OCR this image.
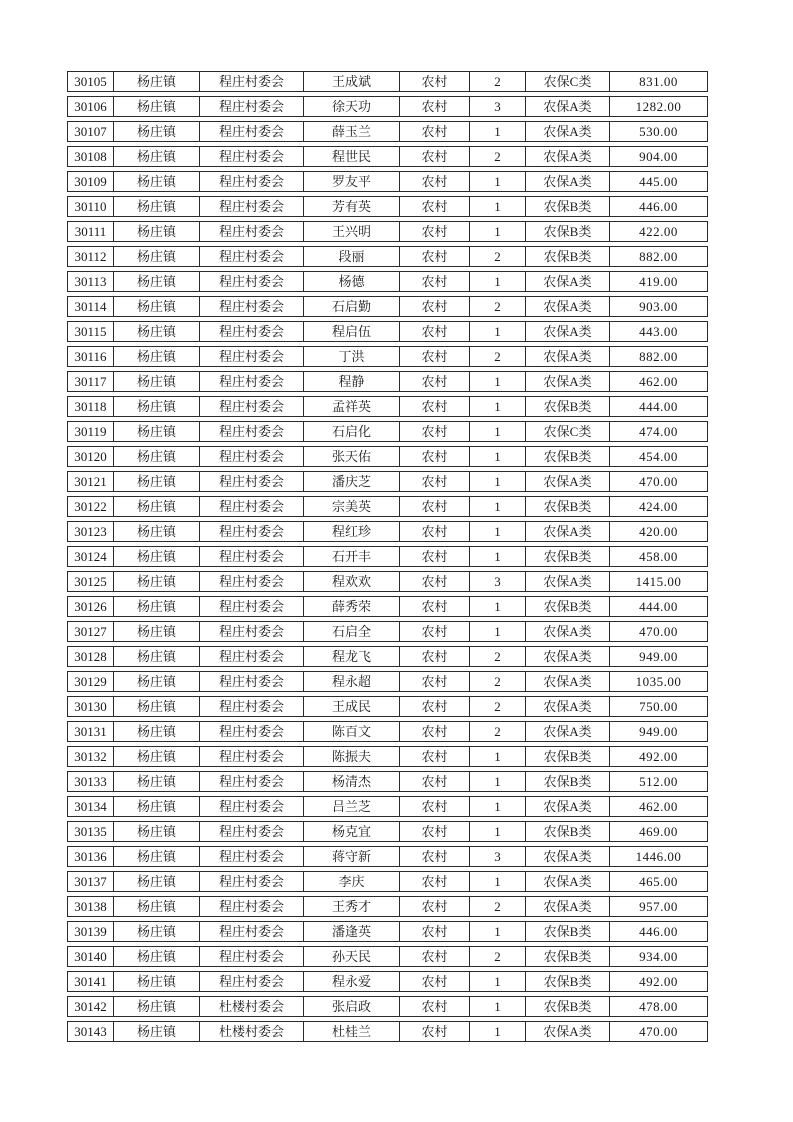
30105	杨庄镇	程庄村委会	王成斌	农村	2	农保C类	831.00
30106	杨庄镇	程庄村委会	徐天功	农村	3	农保A类	1282.00
30107	杨庄镇	程庄村委会	薛玉兰	农村	1	农保A类	530.00
30108	杨庄镇	程庄村委会	程世民	农村	2	农保A类	904.00
30109	杨庄镇	程庄村委会	罗友平	农村	1	农保A类	445.00
30110	杨庄镇	程庄村委会	芳有英	农村	1	农保B类	446.00
30111	杨庄镇	程庄村委会	王兴明	农村	1	农保B类	422.00
30112	杨庄镇	程庄村委会	段丽	农村	2	农保B类	882.00
30113	杨庄镇	程庄村委会	杨德	农村	1	农保A类	419.00
30114	杨庄镇	程庄村委会	石启勤	农村	2	农保A类	903.00
30115	杨庄镇	程庄村委会	程启伍	农村	1	农保A类	443.00
30116	杨庄镇	程庄村委会	丁洪	农村	2	农保A类	882.00
30117	杨庄镇	程庄村委会	程静	农村	1	农保A类	462.00
30118	杨庄镇	程庄村委会	孟祥英	农村	1	农保B类	444.00
30119	杨庄镇	程庄村委会	石启化	农村	1	农保C类	474.00
30120	杨庄镇	程庄村委会	张天佑	农村	1	农保B类	454.00
30121	杨庄镇	程庄村委会	潘庆芝	农村	1	农保A类	470.00
30122	杨庄镇	程庄村委会	宗美英	农村	1	农保B类	424.00
30123	杨庄镇	程庄村委会	程红珍	农村	1	农保A类	420.00
30124	杨庄镇	程庄村委会	石开丰	农村	1	农保B类	458.00
30125	杨庄镇	程庄村委会	程欢欢	农村	3	农保A类	1415.00
30126	杨庄镇	程庄村委会	薛秀荣	农村	1	农保B类	444.00
30127	杨庄镇	程庄村委会	石启全	农村	1	农保A类	470.00
30128	杨庄镇	程庄村委会	程龙飞	农村	2	农保A类	949.00
30129	杨庄镇	程庄村委会	程永超	农村	2	农保A类	1035.00
30130	杨庄镇	程庄村委会	王成民	农村	2	农保A类	750.00
30131	杨庄镇	程庄村委会	陈百文	农村	2	农保A类	949.00
30132	杨庄镇	程庄村委会	陈振夫	农村	1	农保B类	492.00
30133	杨庄镇	程庄村委会	杨清杰	农村	1	农保B类	512.00
30134	杨庄镇	程庄村委会	吕兰芝	农村	1	农保A类	462.00
30135	杨庄镇	程庄村委会	杨克宜	农村	1	农保B类	469.00
30136	杨庄镇	程庄村委会	蒋守新	农村	3	农保A类	1446.00
30137	杨庄镇	程庄村委会	李庆	农村	1	农保A类	465.00
30138	杨庄镇	程庄村委会	王秀才	农村	2	农保A类	957.00
30139	杨庄镇	程庄村委会	潘逢英	农村	1	农保B类	446.00
30140	杨庄镇	程庄村委会	孙天民	农村	2	农保B类	934.00
30141	杨庄镇	程庄村委会	程永爱	农村	1	农保B类	492.00
30142	杨庄镇	杜楼村委会	张启政	农村	1	农保B类	478.00
30143	杨庄镇	杜楼村委会	杜桂兰	农村	1	农保A类	470.00
